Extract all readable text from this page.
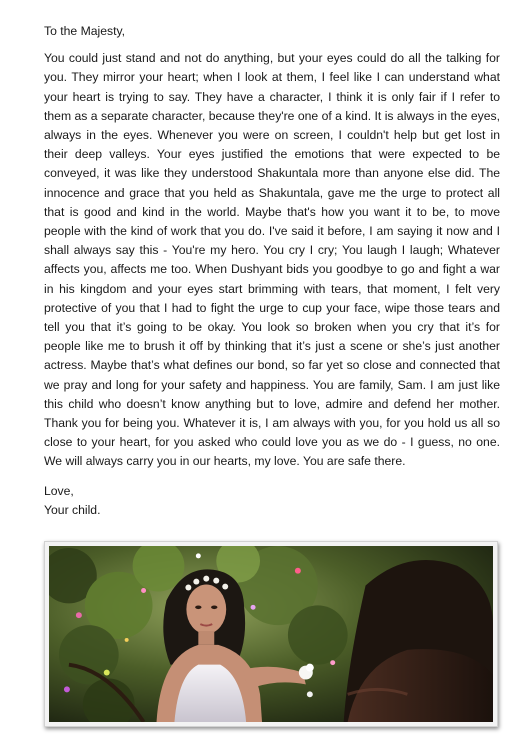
To the Majesty,

You could just stand and not do anything, but your eyes could do all the talking for you. They mirror your heart; when I look at them, I feel like I can understand what your heart is trying to say. They have a character, I think it is only fair if I refer to them as a separate character, because they're one of a kind. It is always in the eyes, always in the eyes. Whenever you were on screen, I couldn't help but get lost in their deep valleys. Your eyes justified the emotions that were expected to be conveyed, it was like they understood Shakuntala more than anyone else did. The innocence and grace that you held as Shakuntala, gave me the urge to protect all that is good and kind in the world. Maybe that's how you want it to be, to move people with the kind of work that you do. I've said it before, I am saying it now and I shall always say this - You're my hero. You cry I cry; You laugh I laugh; Whatever affects you, affects me too. When Dushyant bids you goodbye to go and fight a war in his kingdom and your eyes start brimming with tears, that moment, I felt very protective of you that I had to fight the urge to cup your face, wipe those tears and tell you that it’s going to be okay. You look so broken when you cry that it’s for people like me to brush it off by thinking that it’s just a scene or she’s just another actress. Maybe that’s what defines our bond, so far yet so close and connected that we pray and long for your safety and happiness. You are family, Sam. I am just like this child who doesn’t know anything but to love, admire and defend her mother. Thank you for being you. Whatever it is, I am always with you, for you hold us all so close to your heart, for you asked who could love you as we do - I guess, no one. We will always carry you in our hearts, my love. You are safe there.

Love,

Your child.
